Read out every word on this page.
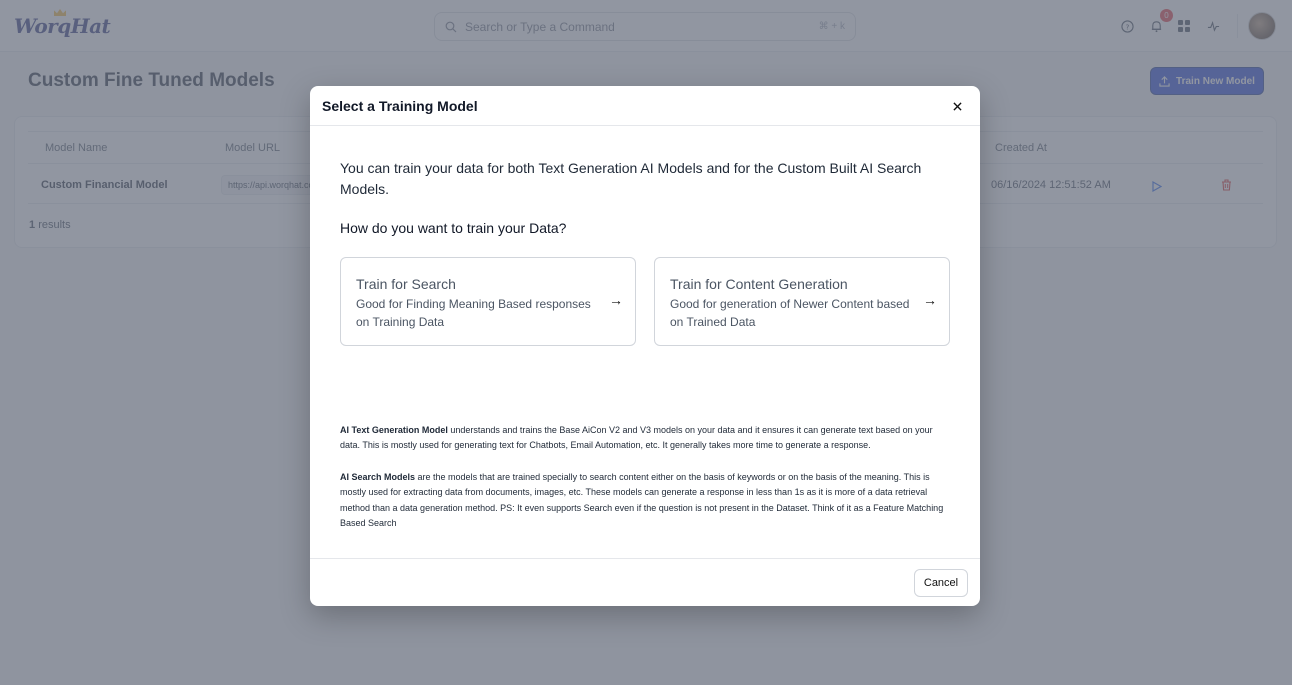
Select a Training Model
You can train your data for both Text Generation AI Models and for the Custom Built AI Search Models.
How do you want to train your Data?
Train for Search
Good for Finding Meaning Based responses on Training Data
→
Train for Content Generation
Good for generation of Newer Content based on Trained Data
→
AI Text Generation Model understands and trains the Base AiCon V2 and V3 models on your data and it ensures it can generate text based on your data. This is mostly used for generating text for Chatbots, Email Automation, etc. It generally takes more time to generate a response.
AI Search Models are the models that are trained specially to search content either on the basis of keywords or on the basis of the meaning. This is mostly used for extracting data from documents, images, etc. These models can generate a response in less than 1s as it is more of a data retrieval method than a data generation method. PS: It even supports Search even if the question is not present in the Dataset. Think of it as a Feature Matching Based Search
Cancel
